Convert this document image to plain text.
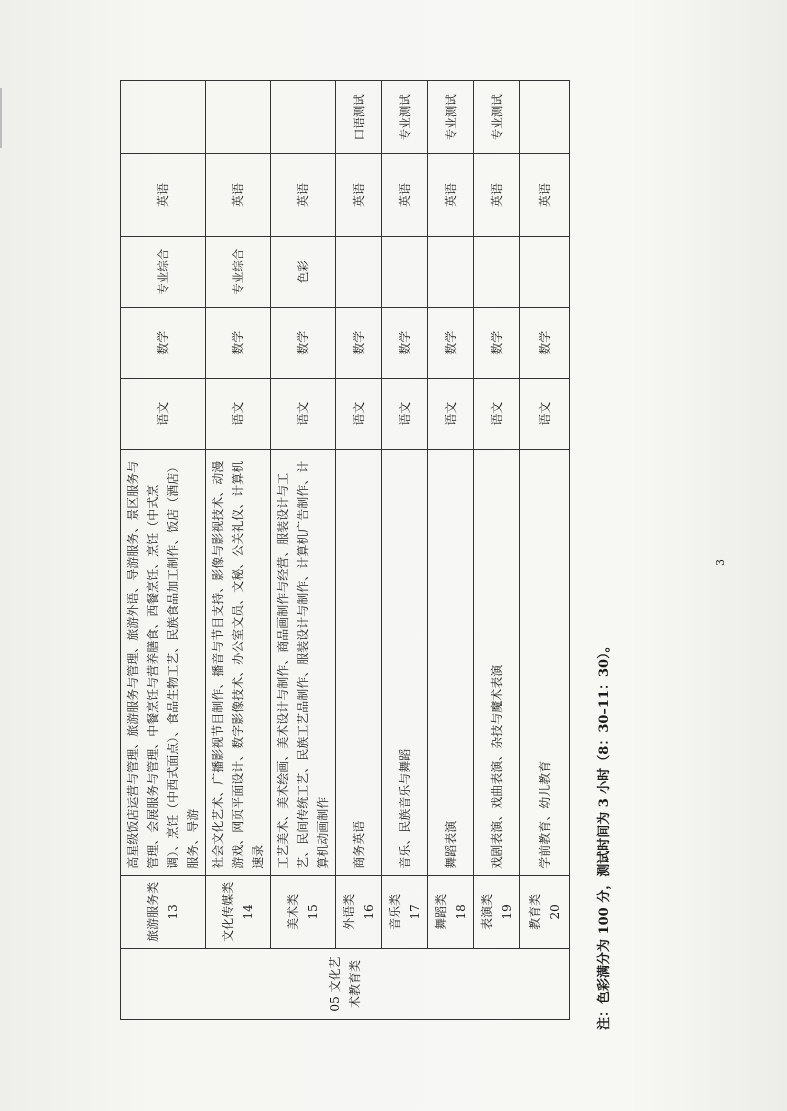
05 文化艺术教育类	旅游服务类 13	高星级饭店运营与管理、旅游服务与管理、旅游外语、导游服务、景区服务与管理、会展服务与管理、中餐烹饪与营养膳食、西餐烹饪、烹饪（中式烹调）、烹饪（中西式面点）、食品生物工艺、民族食品加工制作、饭店（酒店）服务、导游	语文	数学	专业综合	英语	

	文化传媒类 14	社会文化艺术、广播影视节目制作、播音与节目支持、影像与影视技术、动漫游戏、网页平面设计、数字影像技术、办公室文员、文秘、公关礼仪、计算机速录	语文	数学	专业综合	英语	

	美术类 15	工艺美术、美术绘画、美术设计与制作、商品画制作与经营、服装设计与工艺、民间传统工艺、民族工艺品制作、服装设计与制作、计算机广告制作、计算机动画制作	语文	数学	色彩	英语	

	外语类 16	商务英语	语文	数学		英语	口语测试

	音乐类 17	音乐、民族音乐与舞蹈	语文	数学		英语	专业测试

	舞蹈类 18	舞蹈表演	语文	数学		英语	专业测试

	表演类 19	戏剧表演、戏曲表演、杂技与魔术表演	语文	数学		英语	专业测试

	教育类 20	学前教育、幼儿教育	语文	数学		英语	
注：色彩满分为 100 分，测试时间为 3 小时（8：30–11：30）。
3
